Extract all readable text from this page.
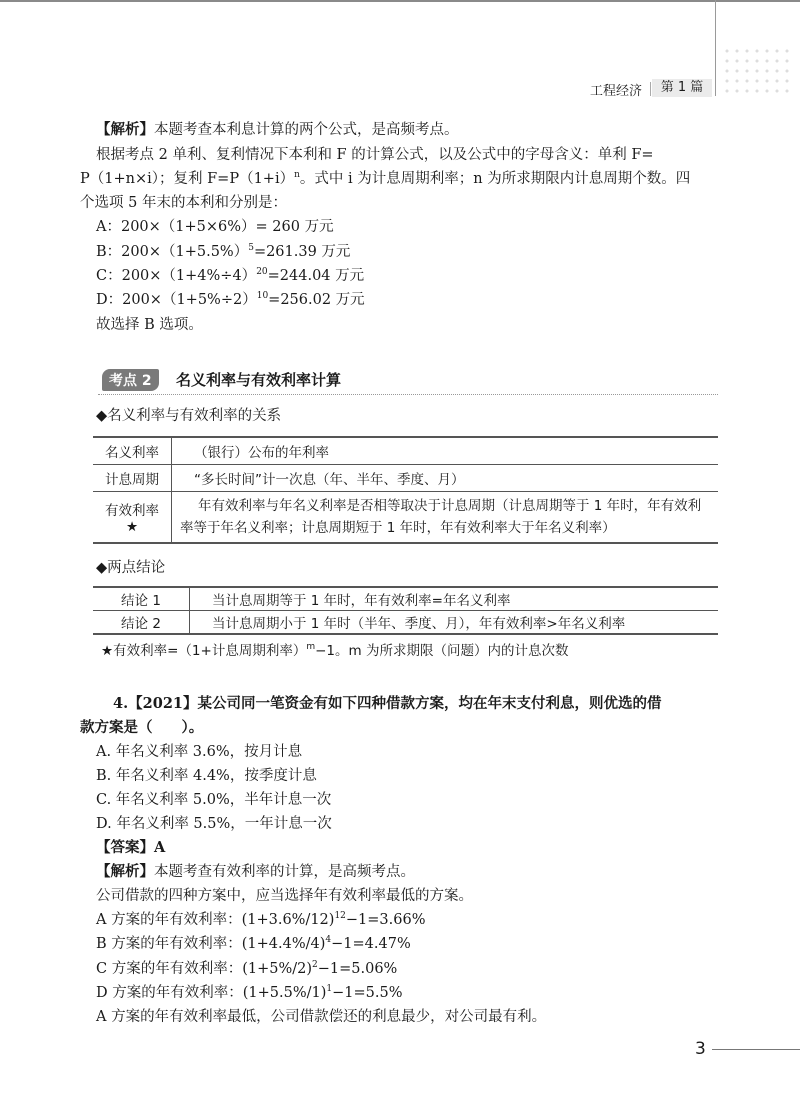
工程经济	第 1 篇
【解析】本题考查本利息计算的两个公式，是高频考点。
根据考点 2 单利、复利情况下本利和 F 的计算公式，以及公式中的字母含义：单利 F=
P（1+n×i）；复利 $F=P(1+i)^n$。式中 i 为计息周期利率；n 为所求期限内计息周期个数。四
个选项 5 年末的本利和分别是：
A：200×（1+5×6%）= 260 万元
B：$200\times(1+5.5\%)^5=261.39$ 万元
C：$200\times(1+4\%\div 4)^{20}=244.04$ 万元
D：$200\times(1+5\%\div 2)^{10}=256.02$ 万元
故选择 B 选项。
考点 2	名义利率与有效利率计算
◆名义利率与有效利率的关系
名义利率	（银行）公布的年利率
计息周期	“多长时间”计一次息（年、半年、季度、月）
有效利率★	年有效利率与年名义利率是否相等取决于计息周期（计息周期等于 1 年时，年有效利率等于年名义利率；计息周期短于 1 年时，年有效利率大于年名义利率）
◆两点结论
结论 1	当计息周期等于 1 年时，年有效利率=年名义利率
结论 2	当计息周期小于 1 年时（半年、季度、月），年有效利率>年名义利率
★有效利率=（1+计息周期利率）$^m$−1。m 为所求期限（问题）内的计息次数
4.【2021】某公司同一笔资金有如下四种借款方案，均在年末支付利息，则优选的借
款方案是（　　）。
A. 年名义利率 3.6%，按月计息
B. 年名义利率 4.4%，按季度计息
C. 年名义利率 5.0%，半年计息一次
D. 年名义利率 5.5%，一年计息一次
【答案】A
【解析】本题考查有效利率的计算，是高频考点。
公司借款的四种方案中，应当选择年有效利率最低的方案。
A 方案的年有效利率：$(1+3.6\%/12)^{12}-1=3.66\%$
B 方案的年有效利率：$(1+4.4\%/4)^4-1=4.47\%$
C 方案的年有效利率：$(1+5\%/2)^2-1=5.06\%$
D 方案的年有效利率：$(1+5.5\%/1)^1-1=5.5\%$
A 方案的年有效利率最低，公司借款偿还的利息最少，对公司最有利。
3
